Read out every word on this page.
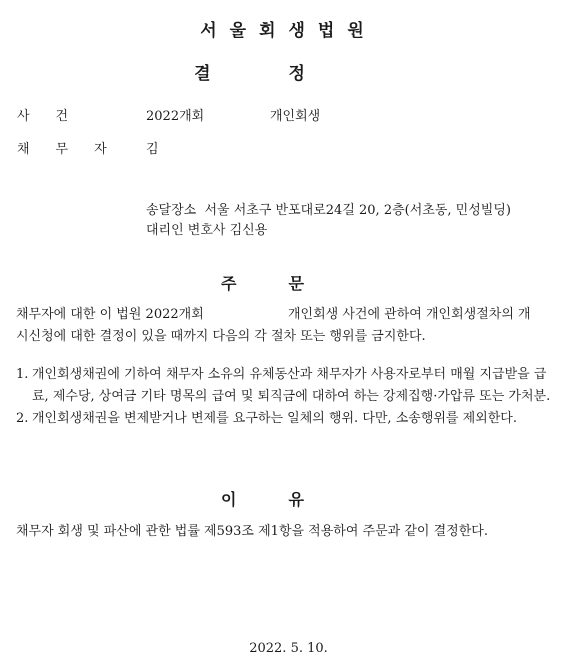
서울회생법원
결정
사건	2022개회	개인회생
채무자 김
송달장소  서울 서초구 반포대로24길 20, 2층(서초동, 민성빌딩)
대리인 변호사 김신용
주문
채무자에 대한 이 법원 2022개회	개인회생 사건에 관하여 개인회생절차의 개
시신청에 대한 결정이 있을 때까지 다음의 각 절차 또는 행위를 금지한다.
1. 개인회생채권에 기하여 채무자 소유의 유체동산과 채무자가 사용자로부터 매월 지급받을 급료, 제수당, 상여금 기타 명목의 급여 및 퇴직금에 대하여 하는 강제집행·가압류 또는 가처분.
2. 개인회생채권을 변제받거나 변제를 요구하는 일체의 행위. 다만, 소송행위를 제외한다.
이유
채무자 회생 및 파산에 관한 법률 제593조 제1항을 적용하여 주문과 같이 결정한다.
2022. 5. 10.
